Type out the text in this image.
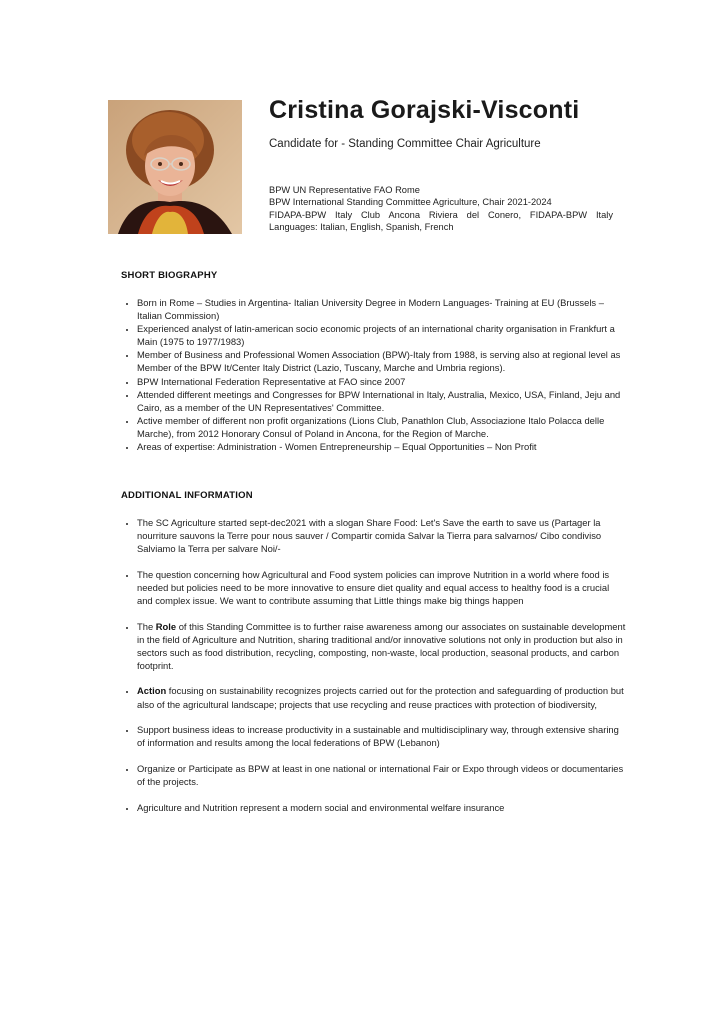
Cristina Gorajski-Visconti

Candidate for - Standing Committee Chair Agriculture

BPW UN Representative FAO Rome
BPW International Standing Committee Agriculture, Chair 2021-2024
FIDAPA-BPW Italy Club Ancona Riviera del Conero, FIDAPA-BPW Italy
Languages: Italian, English, Spanish, French
SHORT BIOGRAPHY
• Born in Rome – Studies in Argentina- Italian University Degree in Modern Languages- Training at EU (Brussels – Italian Commission)
• Experienced analyst of latin-american socio economic projects of an international charity organisation in Frankfurt a Main (1975 to 1977/1983)
• Member of Business and Professional Women Association (BPW)-Italy from 1988, is serving also at regional level as Member of the BPW It/Center Italy District (Lazio, Tuscany, Marche and Umbria regions).
• BPW International Federation Representative at FAO since 2007
• Attended different meetings and Congresses for BPW International in Italy, Australia, Mexico, USA, Finland, Jeju and Cairo, as a member of the UN Representatives' Committee.
• Active member of different non profit organizations (Lions Club, Panathlon Club, Associazione Italo Polacca delle Marche), from 2012 Honorary Consul of Poland in Ancona, for the Region of Marche.
• Areas of expertise: Administration - Women Entrepreneurship – Equal Opportunities – Non Profit
ADDITIONAL INFORMATION
• The SC Agriculture started sept-dec2021 with a slogan Share Food: Let's Save the earth to save us (Partager la nourriture sauvons la Terre pour nous sauver / Compartir comida Salvar la Tierra para salvarnos/ Cibo condiviso Salviamo la Terra per salvare Noi/-
• The question concerning how Agricultural and Food system policies can improve Nutrition in a world where food is needed but policies need to be more innovative to ensure diet quality and equal access to healthy food is a crucial and complex issue. We want to contribute assuming that Little things make big things happen
• The Role of this Standing Committee is to further raise awareness among our associates on sustainable development in the field of Agriculture and Nutrition, sharing traditional and/or innovative solutions not only in production but also in sectors such as food distribution, recycling, composting, non-waste, local production, seasonal products, and carbon footprint.
• Action focusing on sustainability recognizes projects carried out for the protection and safeguarding of production but also of the agricultural landscape; projects that use recycling and reuse practices with protection of biodiversity,
• Support business ideas to increase productivity in a sustainable and multidisciplinary way, through extensive sharing of information and results among the local federations of BPW (Lebanon)
• Organize or Participate as BPW at least in one national or international Fair or Expo through videos or documentaries of the projects.
• Agriculture and Nutrition represent a modern social and environmental welfare insurance
